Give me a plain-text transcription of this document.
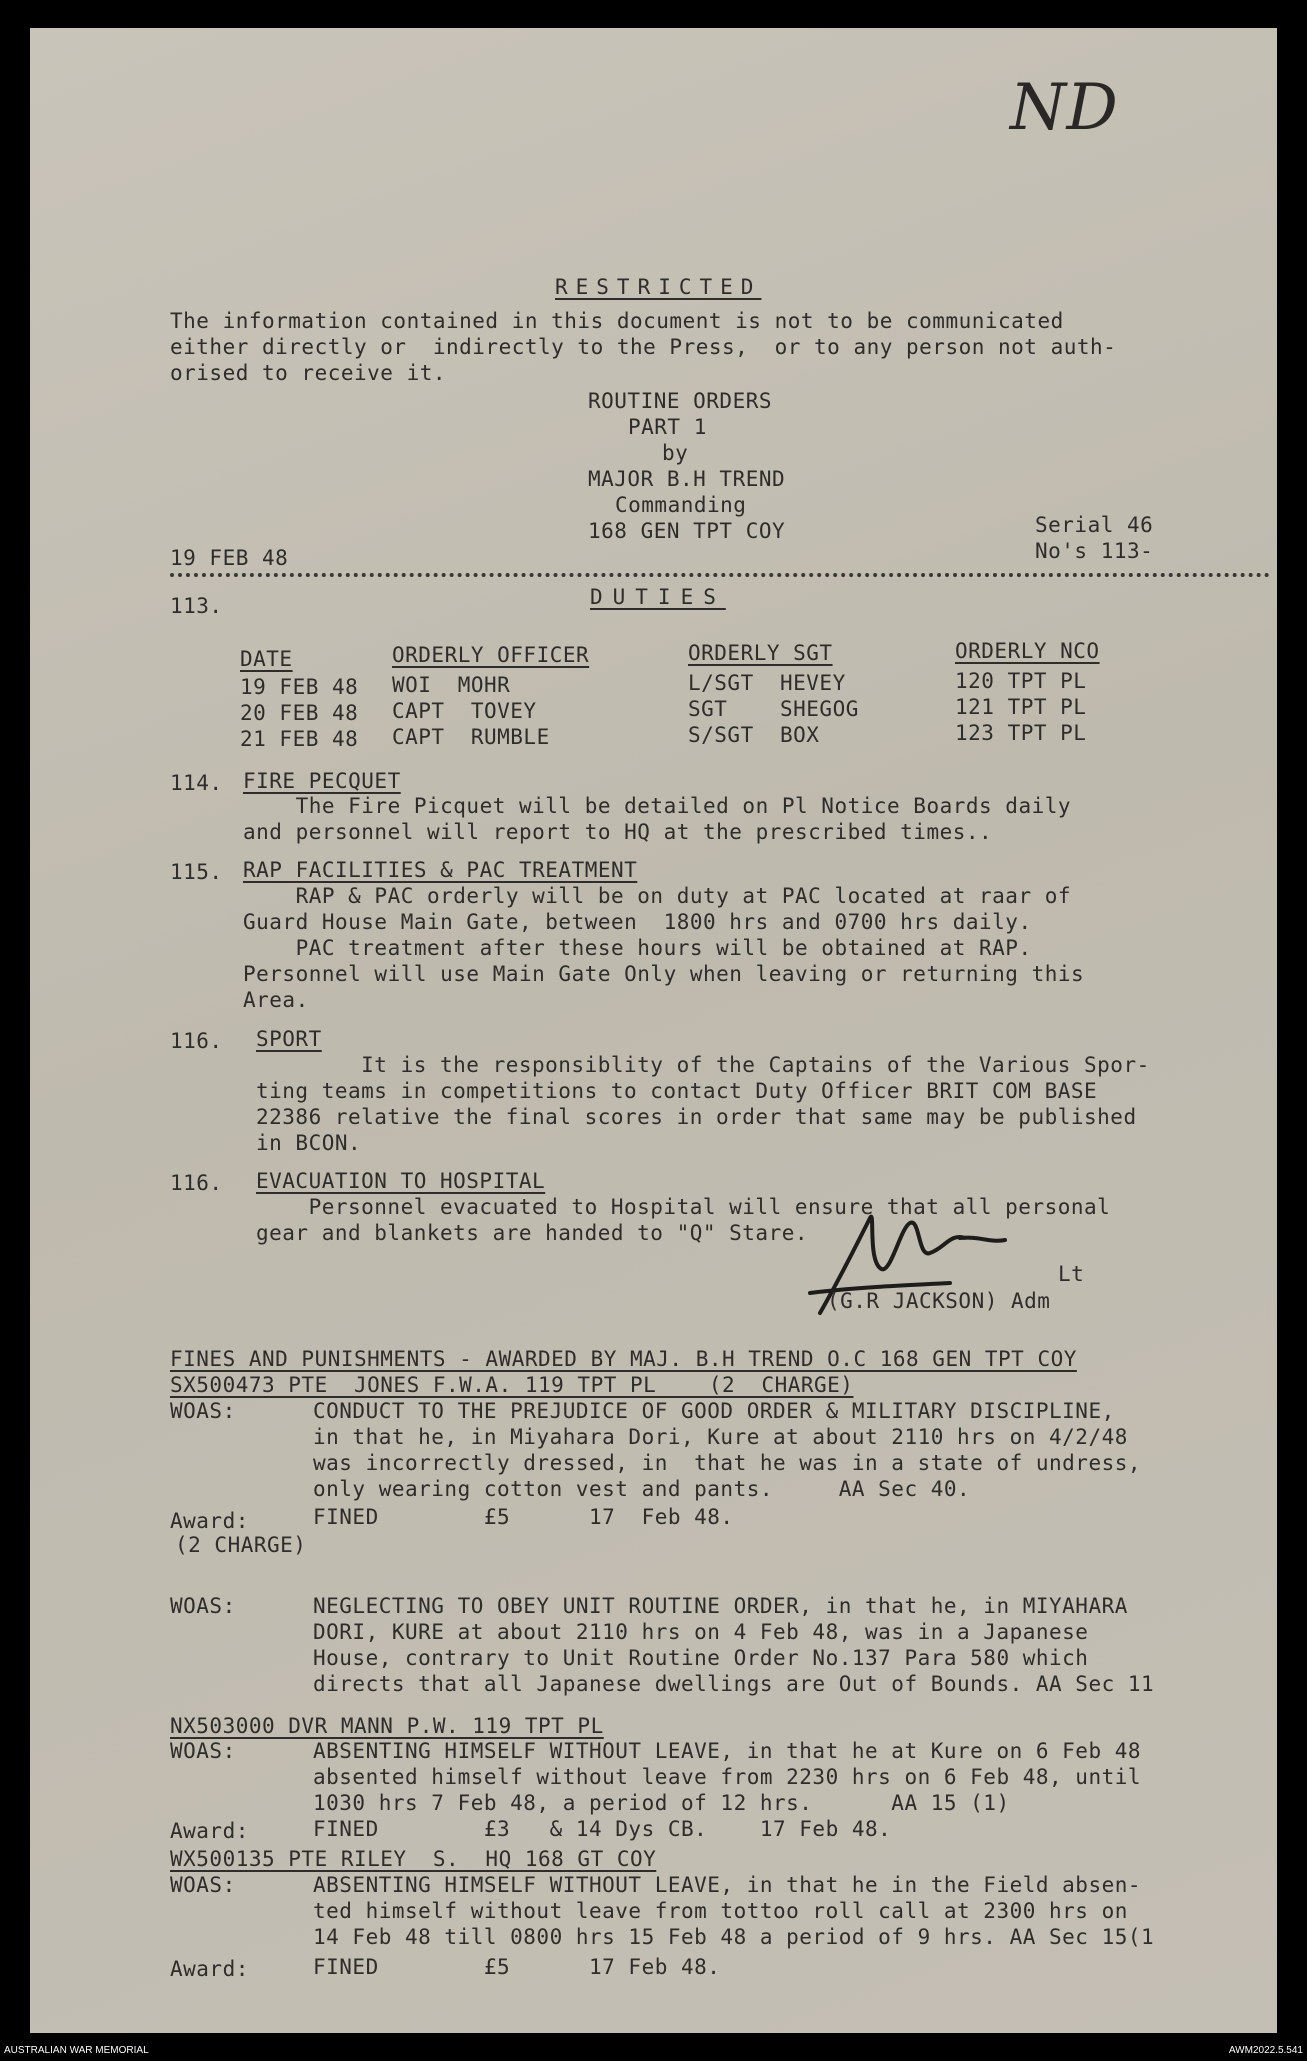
ND
RESTRICTED
The information contained in this document is not to be communicated
either directly or  indirectly to the Press,  or to any person not auth-
orised to receive it.
ROUTINE ORDERS
PART 1
by
MAJOR B.H TREND
Commanding
168 GEN TPT COY	Serial 46
No's 113-
19 FEB 48
113.	DUTIES
DATE	ORDERLY OFFICER	ORDERLY SGT	ORDERLY NCO
19 FEB 48 WOI  MOHR	L/SGT  HEVEY	120 TPT PL
20 FEB 48 CAPT  TOVEY	SGT    SHEGOG	121 TPT PL
21 FEB 48 CAPT  RUMBLE	S/SGT  BOX	123 TPT PL
114. FIRE PECQUET
The Fire Picquet will be detailed on Pl Notice Boards daily
and personnel will report to HQ at the prescribed times..
115. RAP FACILITIES & PAC TREATMENT
RAP & PAC orderly will be on duty at PAC located at raar of
Guard House Main Gate, between  1800 hrs and 0700 hrs daily.
PAC treatment after these hours will be obtained at RAP.
Personnel will use Main Gate Only when leaving or returning this
Area.
116. SPORT
It is the responsiblity of the Captains of the Various Spor-
ting teams in competitions to contact Duty Officer BRIT COM BASE
22386 relative the final scores in order that same may be published
in BCON.
116. EVACUATION TO HOSPITAL
Personnel evacuated to Hospital will ensure that all personal
gear and blankets are handed to "Q" Stare.
Lt
(G.R JACKSON) Adm
FINES AND PUNISHMENTS - AWARDED BY MAJ. B.H TREND O.C 168 GEN TPT COY
SX500473 PTE  JONES F.W.A. 119 TPT PL    (2  CHARGE)
WOAS:	CONDUCT TO THE PREJUDICE OF GOOD ORDER & MILITARY DISCIPLINE,
in that he, in Miyahara Dori, Kure at about 2110 hrs on 4/2/48
was incorrectly dressed, in  that he was in a state of undress,
only wearing cotton vest and pants.     AA Sec 40.
Award:	FINED        £5      17  Feb 48.
(2 CHARGE)
WOAS:	NEGLECTING TO OBEY UNIT ROUTINE ORDER, in that he, in MIYAHARA
DORI, KURE at about 2110 hrs on 4 Feb 48, was in a Japanese
House, contrary to Unit Routine Order No.137 Para 580 which
directs that all Japanese dwellings are Out of Bounds. AA Sec 11
NX503000 DVR MANN P.W. 119 TPT PL
WOAS:	ABSENTING HIMSELF WITHOUT LEAVE, in that he at Kure on 6 Feb 48
absented himself without leave from 2230 hrs on 6 Feb 48, until
1030 hrs 7 Feb 48, a period of 12 hrs.      AA 15 (1)
Award:	FINED        £3   & 14 Dys CB.    17 Feb 48.
WX500135 PTE RILEY  S.  HQ 168 GT COY
WOAS:	ABSENTING HIMSELF WITHOUT LEAVE, in that he in the Field absen-
ted himself without leave from tottoo roll call at 2300 hrs on
14 Feb 48 till 0800 hrs 15 Feb 48 a period of 9 hrs. AA Sec 15(1
Award:	FINED        £5      17 Feb 48.
AUSTRALIAN WAR MEMORIAL	AWM2022.5.541
